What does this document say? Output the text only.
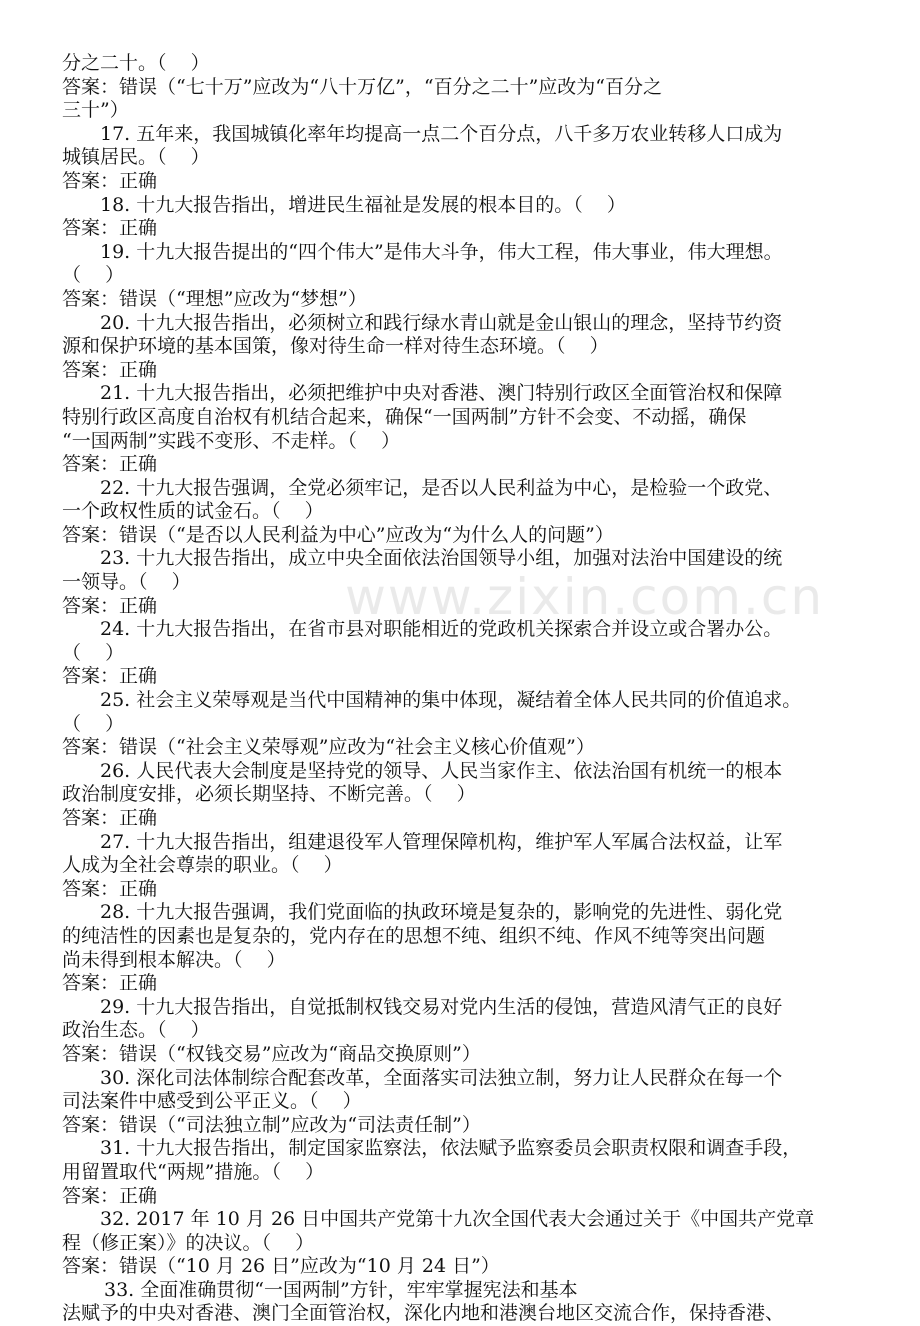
www.zixin.com.cn

分之二十。（    ）

答案：错误（“七十万”应改为“八十万亿”，“百分之二十”应改为“百分之

三十”）

17. 五年来，我国城镇化率年均提高一点二个百分点，八千多万农业转移人口成为

城镇居民。（    ）

答案：正确

18. 十九大报告指出，增进民生福祉是发展的根本目的。（    ）

答案：正确

19. 十九大报告提出的“四个伟大”是伟大斗争，伟大工程，伟大事业，伟大理想。

（    ）

答案：错误（“理想”应改为“梦想”）

20. 十九大报告指出，必须树立和践行绿水青山就是金山银山的理念，坚持节约资

源和保护环境的基本国策，像对待生命一样对待生态环境。（    ）

答案：正确

21. 十九大报告指出，必须把维护中央对香港、澳门特别行政区全面管治权和保障

特别行政区高度自治权有机结合起来，确保“一国两制”方针不会变、不动摇，确保

“一国两制”实践不变形、不走样。（    ）

答案：正确

22. 十九大报告强调，全党必须牢记，是否以人民利益为中心，是检验一个政党、

一个政权性质的试金石。（    ）

答案：错误（“是否以人民利益为中心”应改为“为什么人的问题”）

23. 十九大报告指出，成立中央全面依法治国领导小组，加强对法治中国建设的统

一领导。（    ）

答案：正确

24. 十九大报告指出，在省市县对职能相近的党政机关探索合并设立或合署办公。

（    ）

答案：正确

25. 社会主义荣辱观是当代中国精神的集中体现，凝结着全体人民共同的价值追求。

（    ）

答案：错误（“社会主义荣辱观”应改为“社会主义核心价值观”）

26. 人民代表大会制度是坚持党的领导、人民当家作主、依法治国有机统一的根本

政治制度安排，必须长期坚持、不断完善。（    ）

答案：正确

27. 十九大报告指出，组建退役军人管理保障机构，维护军人军属合法权益，让军

人成为全社会尊崇的职业。（    ）

答案：正确

28. 十九大报告强调，我们党面临的执政环境是复杂的，影响党的先进性、弱化党

的纯洁性的因素也是复杂的，党内存在的思想不纯、组织不纯、作风不纯等突出问题

尚未得到根本解决。（    ）

答案：正确

29. 十九大报告指出，自觉抵制权钱交易对党内生活的侵蚀，营造风清气正的良好

政治生态。（    ）

答案：错误（“权钱交易”应改为“商品交换原则”）

30. 深化司法体制综合配套改革，全面落实司法独立制，努力让人民群众在每一个

司法案件中感受到公平正义。（    ）

答案：错误（“司法独立制”应改为“司法责任制”）

31. 十九大报告指出，制定国家监察法，依法赋予监察委员会职责权限和调查手段，

用留置取代“两规”措施。（    ）

答案：正确

32. 2017 年 10 月 26 日中国共产党第十九次全国代表大会通过关于《中国共产党章

程（修正案）》的决议。（    ）

答案：错误（“10 月 26 日”应改为“10 月 24 日”）

33. 全面准确贯彻“一国两制”方针，牢牢掌握宪法和基本

法赋予的中央对香港、澳门全面管治权，深化内地和港澳台地区交流合作，保持香港、
